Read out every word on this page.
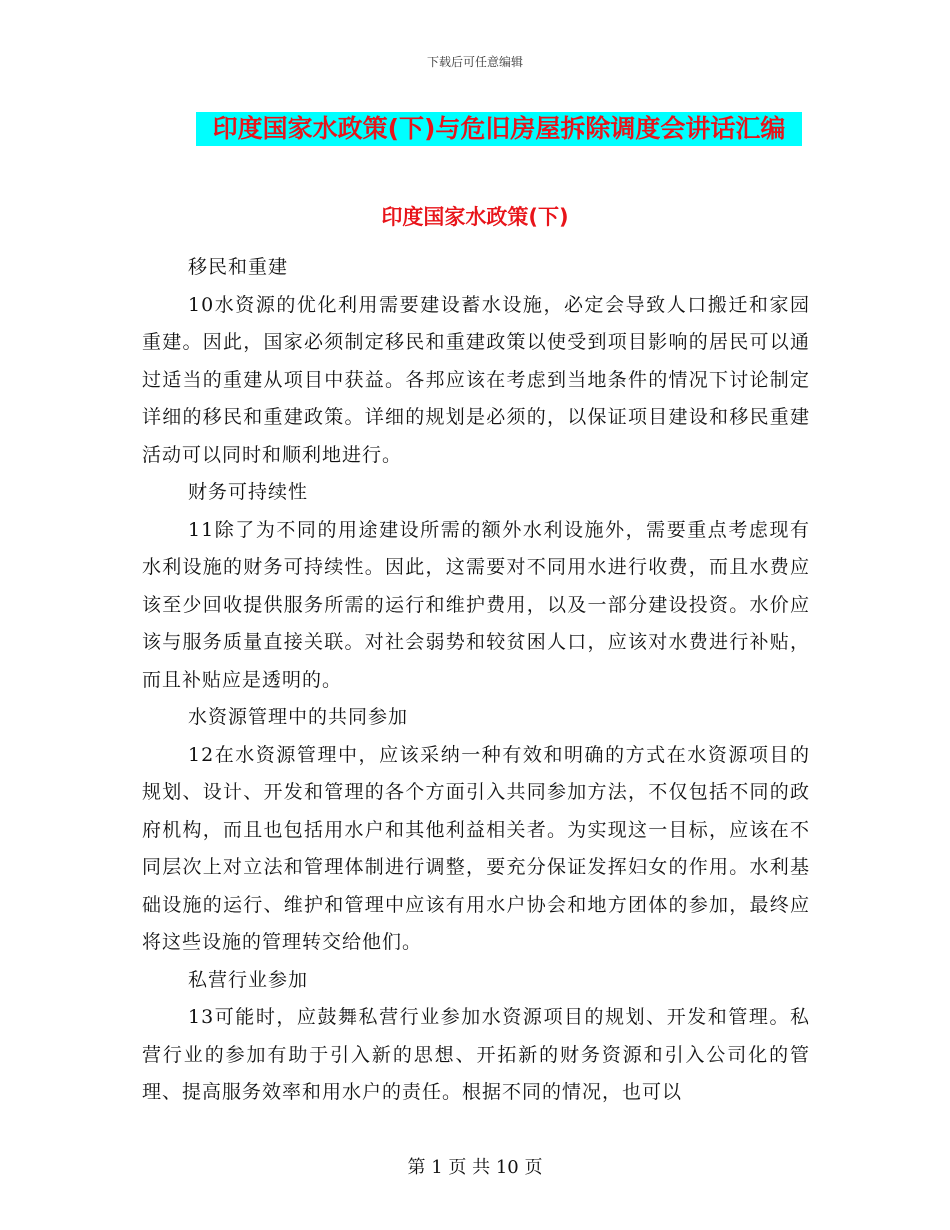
下载后可任意编辑
印度国家水政策(下)与危旧房屋拆除调度会讲话汇编
印度国家水政策(下)
移民和重建
10水资源的优化利用需要建设蓄水设施，必定会导致人口搬迁和家园重建。因此，国家必须制定移民和重建政策以使受到项目影响的居民可以通过适当的重建从项目中获益。各邦应该在考虑到当地条件的情况下讨论制定详细的移民和重建政策。详细的规划是必须的，以保证项目建设和移民重建活动可以同时和顺利地进行。
财务可持续性
11除了为不同的用途建设所需的额外水利设施外，需要重点考虑现有水利设施的财务可持续性。因此，这需要对不同用水进行收费，而且水费应该至少回收提供服务所需的运行和维护费用，以及一部分建设投资。水价应该与服务质量直接关联。对社会弱势和较贫困人口，应该对水费进行补贴，而且补贴应是透明的。
水资源管理中的共同参加
12在水资源管理中，应该采纳一种有效和明确的方式在水资源项目的规划、设计、开发和管理的各个方面引入共同参加方法，不仅包括不同的政府机构，而且也包括用水户和其他利益相关者。为实现这一目标，应该在不同层次上对立法和管理体制进行调整，要充分保证发挥妇女的作用。水利基础设施的运行、维护和管理中应该有用水户协会和地方团体的参加，最终应将这些设施的管理转交给他们。
私营行业参加
13可能时，应鼓舞私营行业参加水资源项目的规划、开发和管理。私营行业的参加有助于引入新的思想、开拓新的财务资源和引入公司化的管理、提高服务效率和用水户的责任。根据不同的情况，也可以
第 1 页 共 10 页
